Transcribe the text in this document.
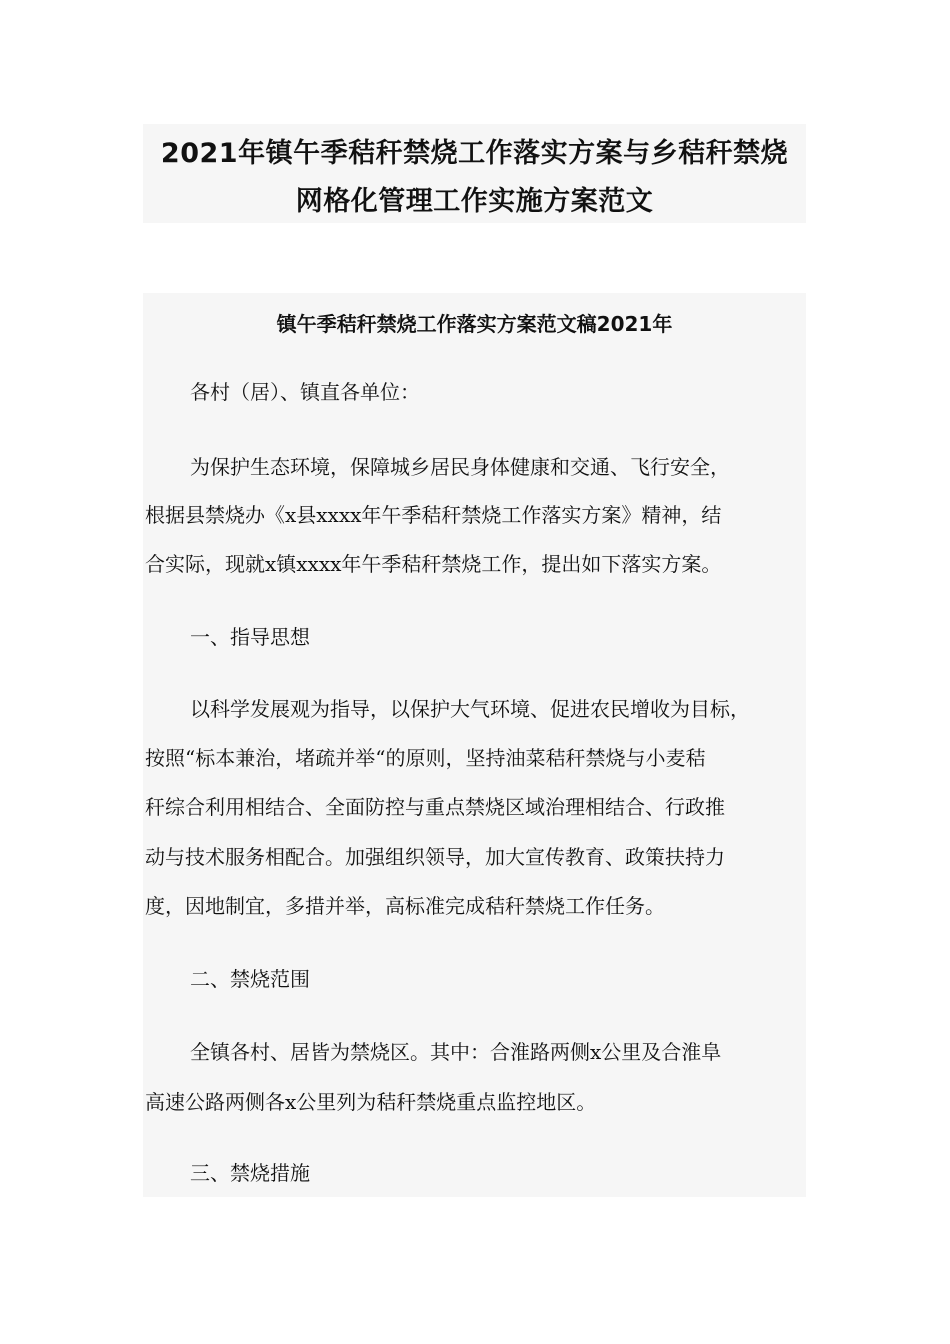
2021年镇午季秸秆禁烧工作落实方案与乡秸秆禁烧
网格化管理工作实施方案范文
镇午季秸秆禁烧工作落实方案范文稿2021年
各村（居）、镇直各单位：
为保护生态环境，保障城乡居民身体健康和交通、飞行安全，
根据县禁烧办《x县xxxx年午季秸秆禁烧工作落实方案》精神，结
合实际，现就x镇xxxx年午季秸秆禁烧工作，提出如下落实方案。
一、指导思想
以科学发展观为指导，以保护大气环境、促进农民增收为目标，
按照“标本兼治，堵疏并举“的原则，坚持油菜秸秆禁烧与小麦秸
秆综合利用相结合、全面防控与重点禁烧区域治理相结合、行政推
动与技术服务相配合。加强组织领导，加大宣传教育、政策扶持力
度，因地制宜，多措并举，高标准完成秸秆禁烧工作任务。
二、禁烧范围
全镇各村、居皆为禁烧区。其中：合淮路两侧x公里及合淮阜
高速公路两侧各x公里列为秸秆禁烧重点监控地区。
三、禁烧措施
